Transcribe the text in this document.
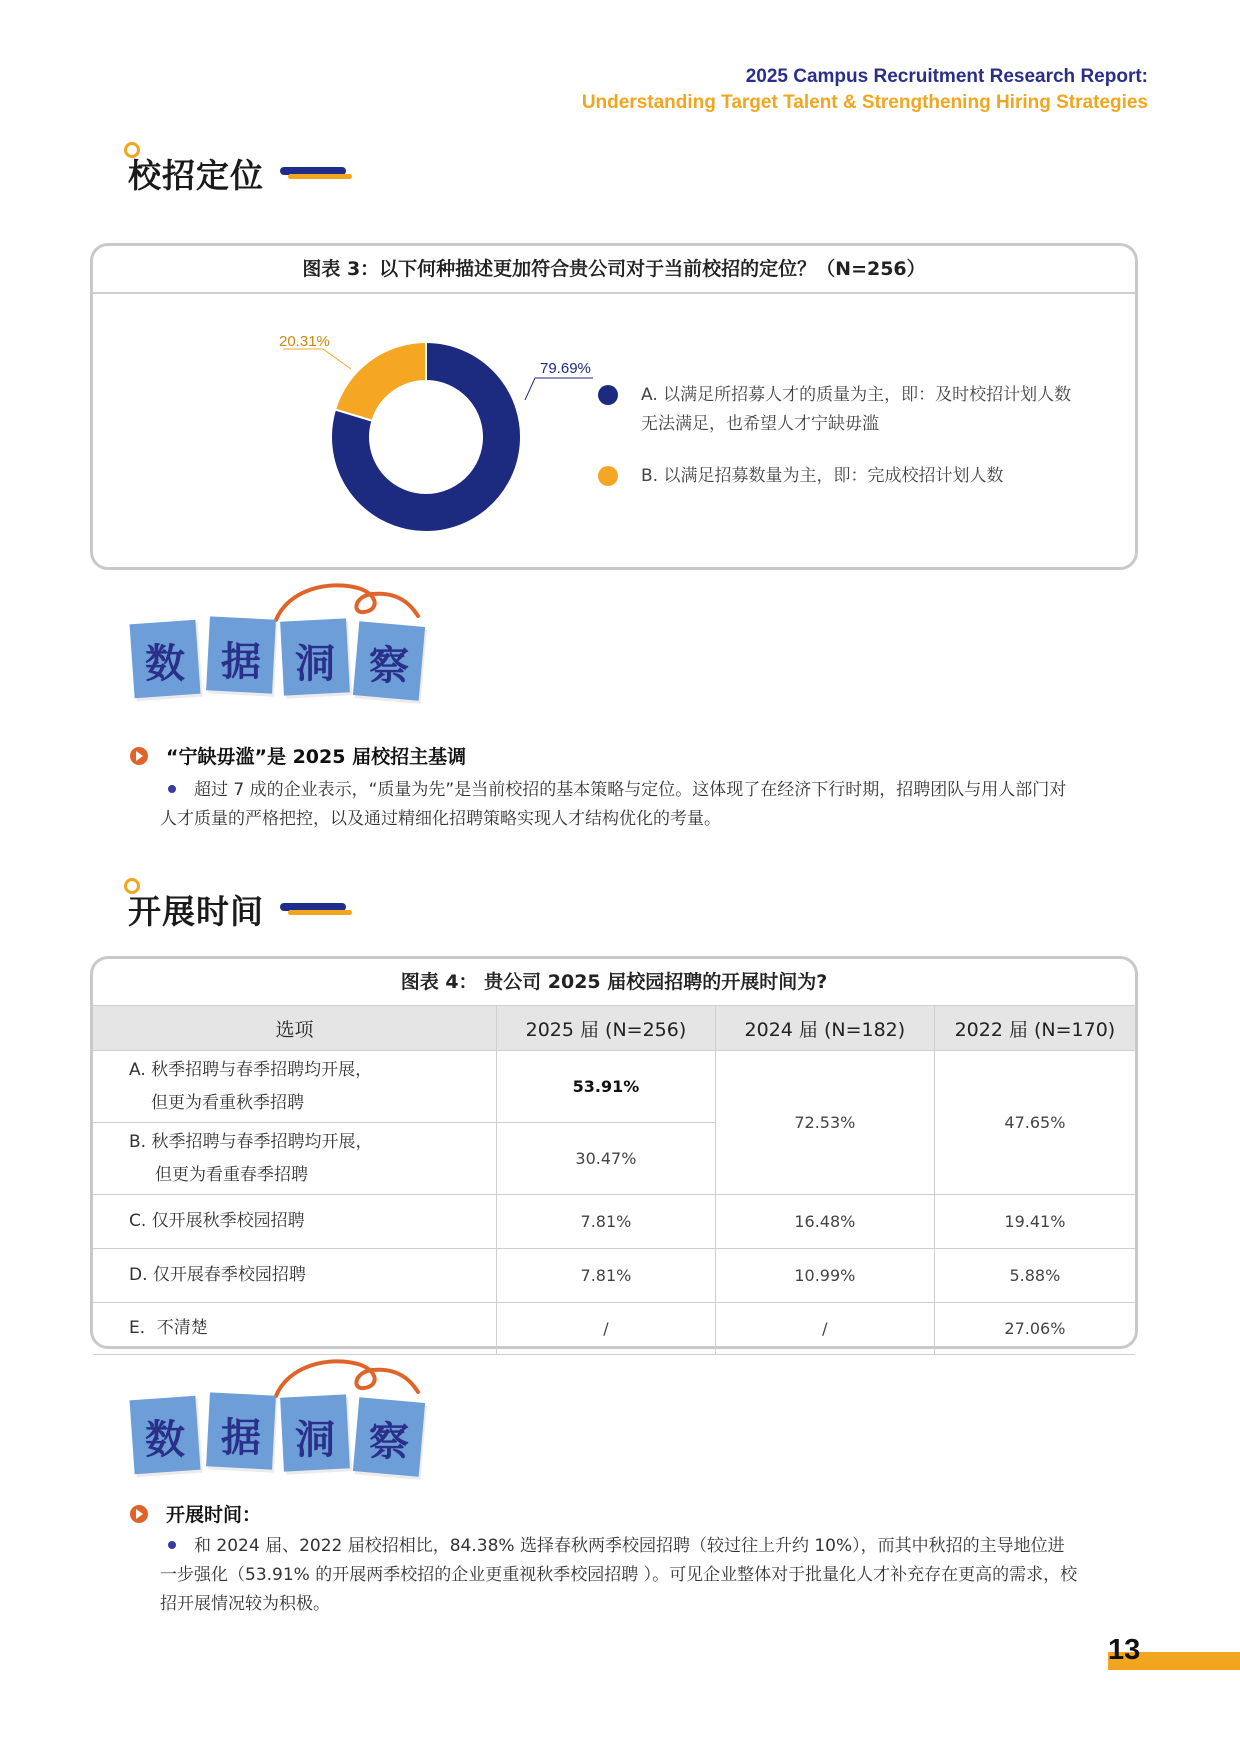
2025 Campus Recruitment Research Report:
Understanding Target Talent & Strengthening Hiring Strategies
校招定位
图表 3：以下何种描述更加符合贵公司对于当前校招的定位？（N=256）
79.69%
20.31%
A. 以满足所招募人才的质量为主，即：及时校招计划人数无法满足，也希望人才宁缺毋滥
B. 以满足招募数量为主，即：完成校招计划人数
数 据 洞 察
“宁缺毋滥”是 2025 届校招主基调
超过 7 成的企业表示，“质量为先”是当前校招的基本策略与定位。这体现了在经济下行时期，招聘团队与用人部门对人才质量的严格把控，以及通过精细化招聘策略实现人才结构优化的考量。
开展时间
图表 4： 贵公司 2025 届校园招聘的开展时间为?
选项	2025 届 (N=256)	2024 届 (N=182)	2022 届 (N=170)

A. 秋季招聘与春季招聘均开展，
但更为看重秋季招聘	53.91%	72.53%	47.65%

B. 秋季招聘与春季招聘均开展，
但更为看重春季招聘	30.47%		
C. 仅开展秋季校园招聘	7.81%	16.48%	19.41%
D. 仅开展春季校园招聘	7.81%	10.99%	5.88%
E．不清楚	/	/	27.06%
数 据 洞 察
开展时间：
和 2024 届、2022 届校招相比，84.38% 选择春秋两季校园招聘（较过往上升约 10%），而其中秋招的主导地位进一步强化（53.91% 的开展两季校招的企业更重视秋季校园招聘 ）。可见企业整体对于批量化人才补充存在更高的需求，校招开展情况较为积极。
13
